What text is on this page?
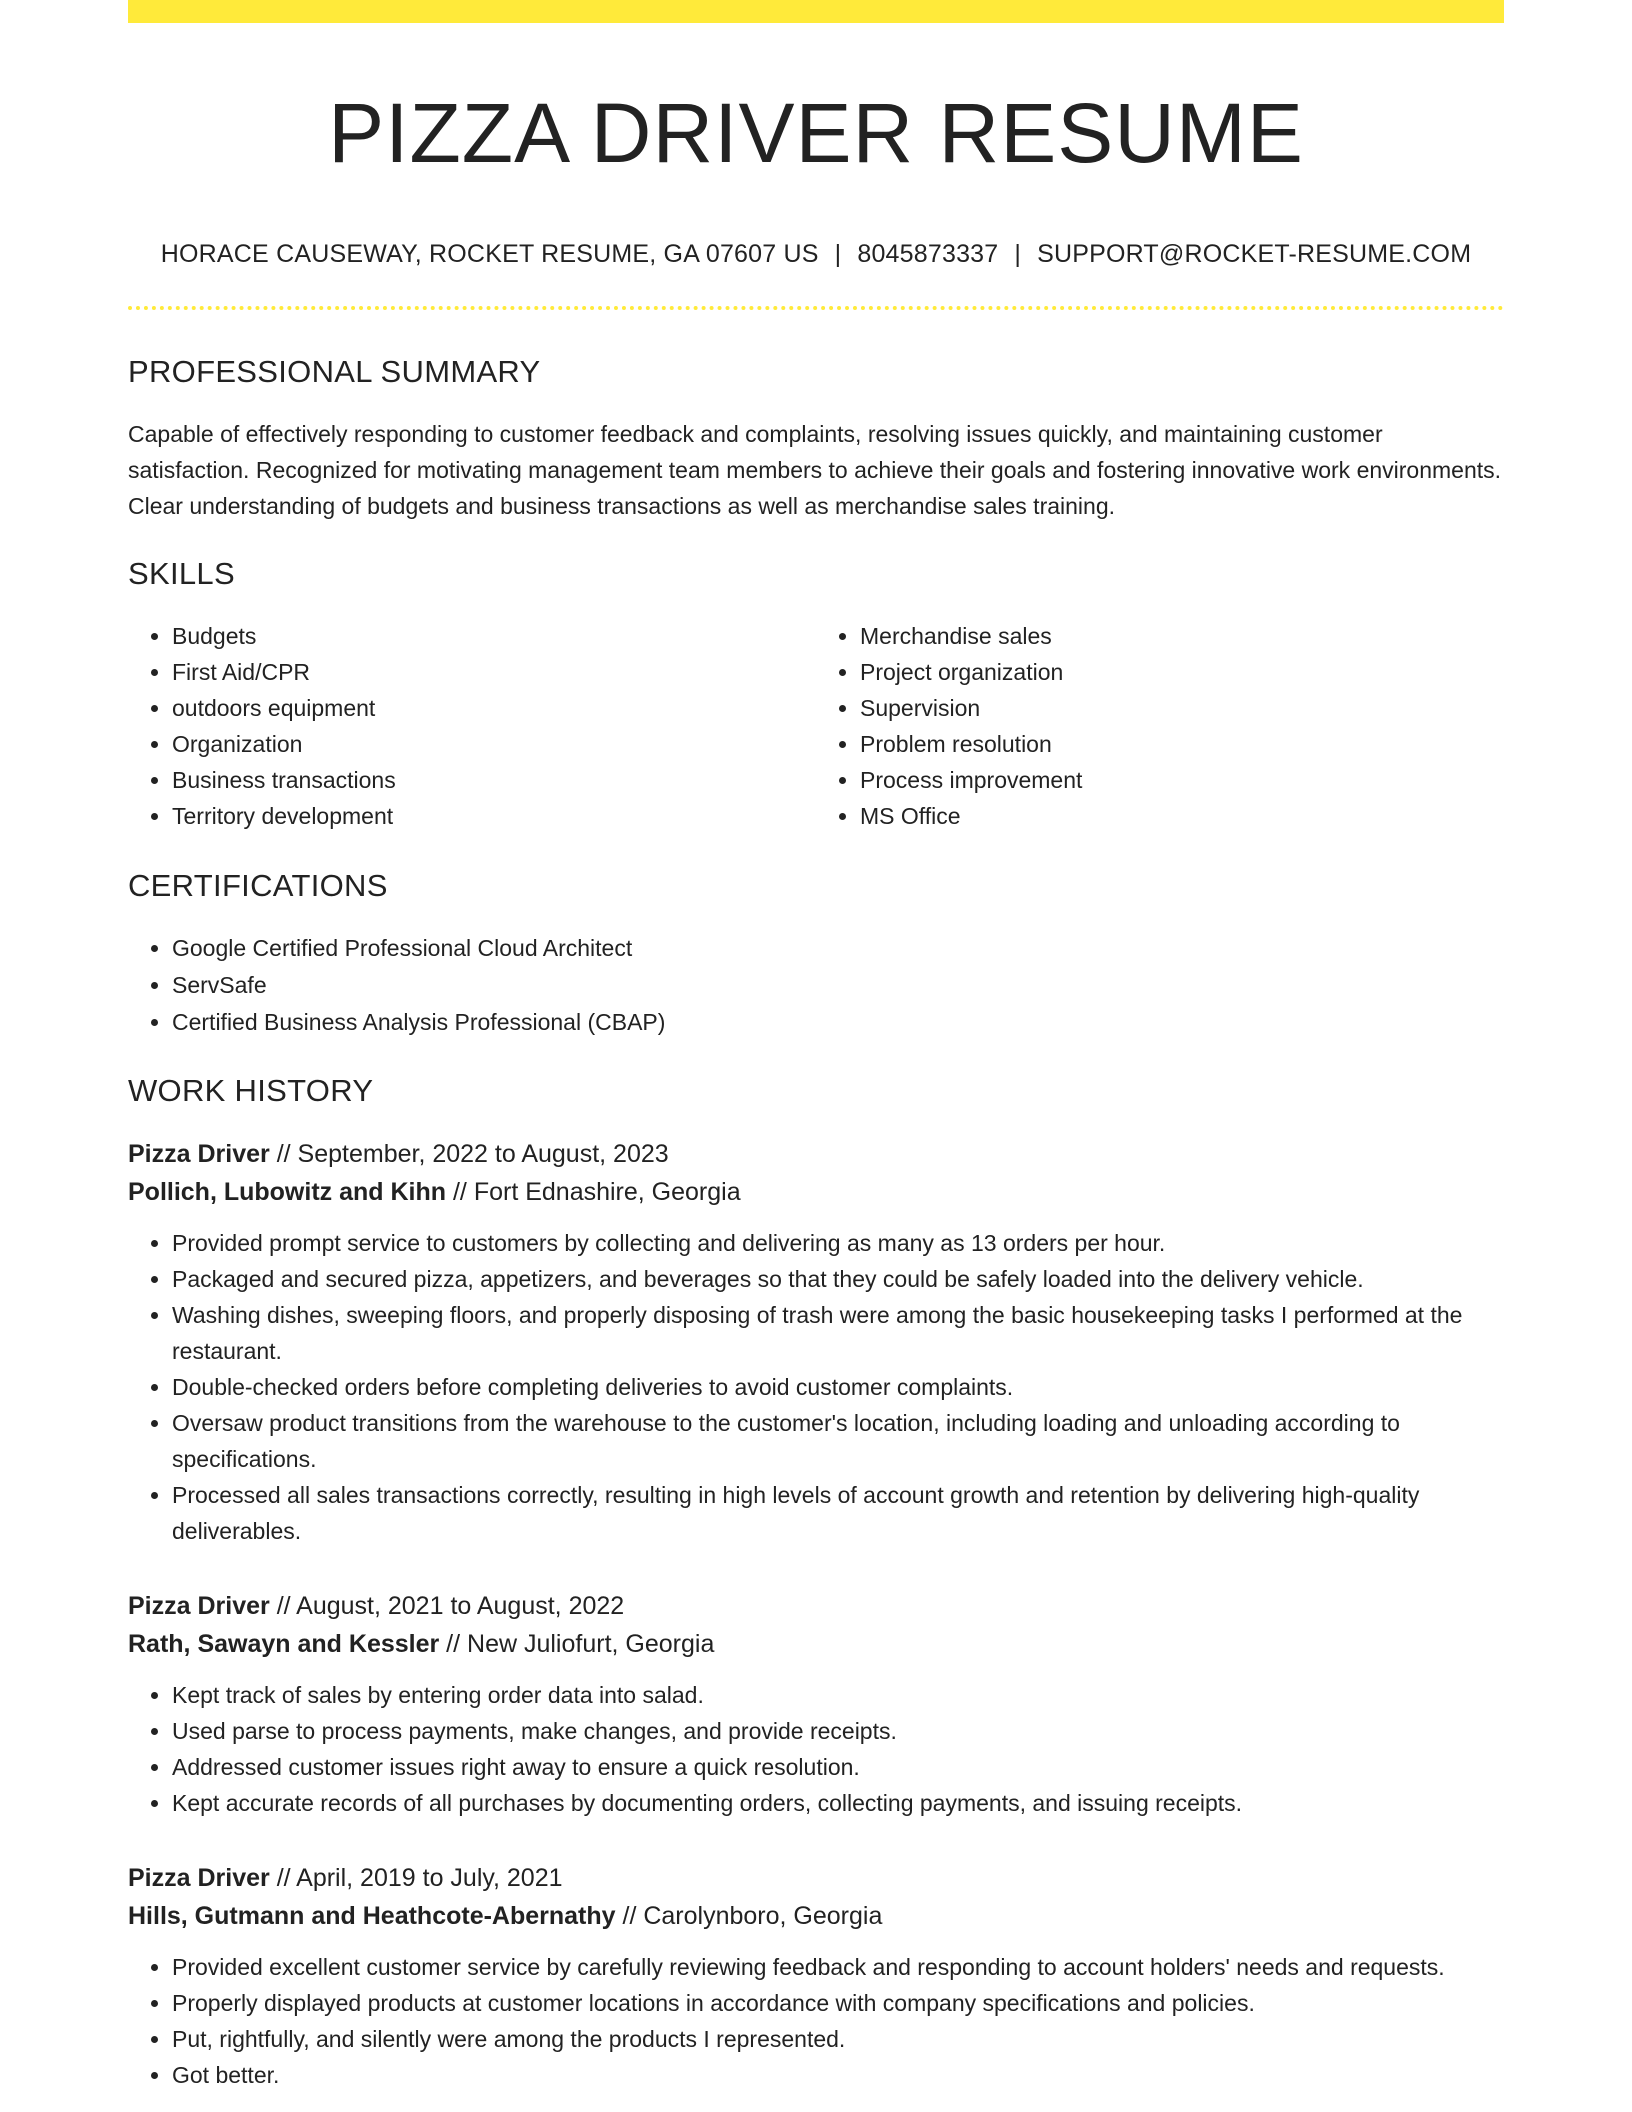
PIZZA DRIVER RESUME
HORACE CAUSEWAY, ROCKET RESUME, GA 07607 US | 8045873337 | SUPPORT@ROCKET-RESUME.COM
PROFESSIONAL SUMMARY
Capable of effectively responding to customer feedback and complaints, resolving issues quickly, and maintaining customer satisfaction. Recognized for motivating management team members to achieve their goals and fostering innovative work environments. Clear understanding of budgets and business transactions as well as merchandise sales training.
SKILLS
• Budgets
• First Aid/CPR
• outdoors equipment
• Organization
• Business transactions
• Territory development
• Merchandise sales
• Project organization
• Supervision
• Problem resolution
• Process improvement
• MS Office
CERTIFICATIONS
• Google Certified Professional Cloud Architect
• ServSafe
• Certified Business Analysis Professional (CBAP)
WORK HISTORY
Pizza Driver // September, 2022 to August, 2023
Pollich, Lubowitz and Kihn // Fort Ednashire, Georgia
• Provided prompt service to customers by collecting and delivering as many as 13 orders per hour.
• Packaged and secured pizza, appetizers, and beverages so that they could be safely loaded into the delivery vehicle.
• Washing dishes, sweeping floors, and properly disposing of trash were among the basic housekeeping tasks I performed at the restaurant.
• Double-checked orders before completing deliveries to avoid customer complaints.
• Oversaw product transitions from the warehouse to the customer's location, including loading and unloading according to specifications.
• Processed all sales transactions correctly, resulting in high levels of account growth and retention by delivering high-quality deliverables.
Pizza Driver // August, 2021 to August, 2022
Rath, Sawayn and Kessler // New Juliofurt, Georgia
• Kept track of sales by entering order data into salad.
• Used parse to process payments, make changes, and provide receipts.
• Addressed customer issues right away to ensure a quick resolution.
• Kept accurate records of all purchases by documenting orders, collecting payments, and issuing receipts.
Pizza Driver // April, 2019 to July, 2021
Hills, Gutmann and Heathcote-Abernathy // Carolynboro, Georgia
• Provided excellent customer service by carefully reviewing feedback and responding to account holders' needs and requests.
• Properly displayed products at customer locations in accordance with company specifications and policies.
• Put, rightfully, and silently were among the products I represented.
• Got better.
